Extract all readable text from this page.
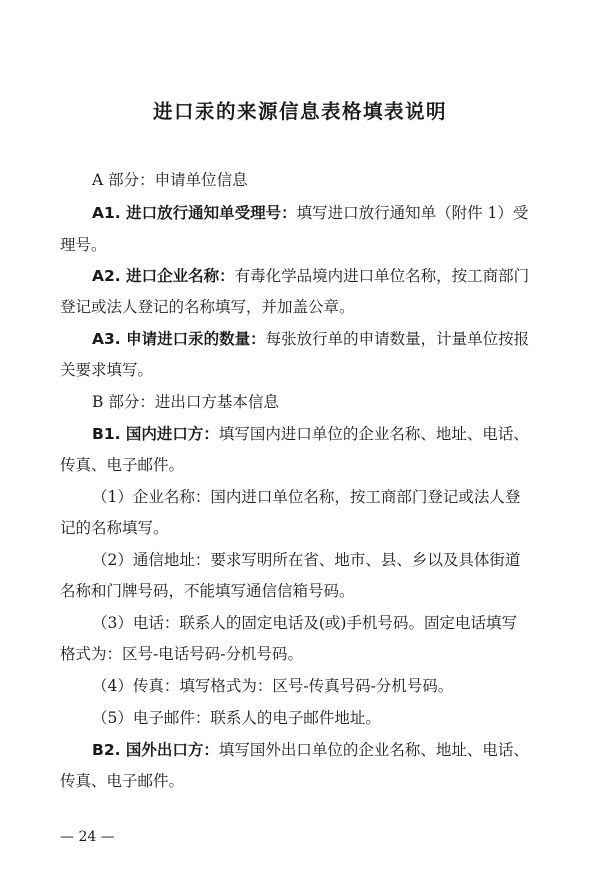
进口汞的来源信息表格填表说明
A 部分：申请单位信息
A1. 进口放行通知单受理号：填写进口放行通知单（附件 1）受
理号。
A2. 进口企业名称：有毒化学品境内进口单位名称，按工商部门
登记或法人登记的名称填写，并加盖公章。
A3. 申请进口汞的数量：每张放行单的申请数量，计量单位按报
关要求填写。
B 部分：进出口方基本信息
B1. 国内进口方：填写国内进口单位的企业名称、地址、电话、
传真、电子邮件。
（1）企业名称：国内进口单位名称，按工商部门登记或法人登
记的名称填写。
（2）通信地址：要求写明所在省、地市、县、乡以及具体街道
名称和门牌号码，不能填写通信信箱号码。
（3）电话：联系人的固定电话及(或)手机号码。固定电话填写
格式为：区号-电话号码-分机号码。
（4）传真：填写格式为：区号-传真号码-分机号码。
（5）电子邮件：联系人的电子邮件地址。
B2. 国外出口方：填写国外出口单位的企业名称、地址、电话、
传真、电子邮件。
— 24 —
